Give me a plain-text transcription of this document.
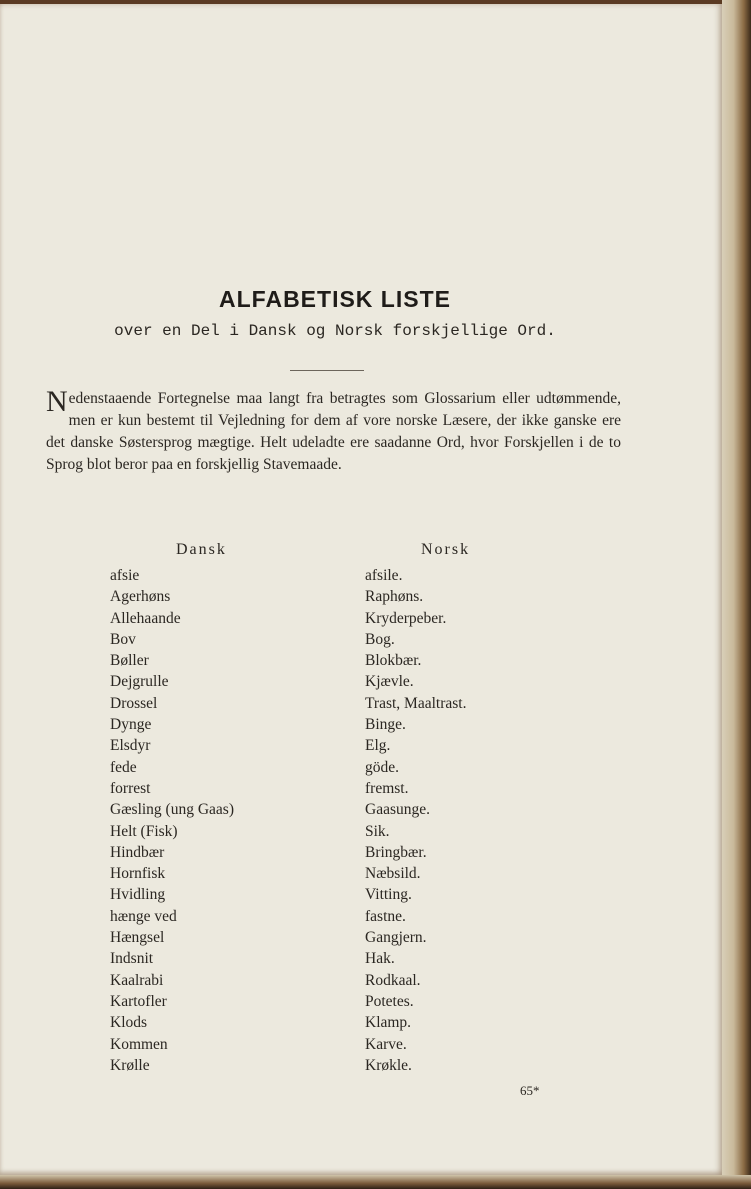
ALFABETISK LISTE
over en Del i Dansk og Norsk forskjellige Ord.
Nedenstaaende Fortegnelse maa langt fra betragtes som Glossarium eller udtømmende, men er kun bestemt til Vejledning for dem af vore norske Læsere, der ikke ganske ere det danske Søstersprog mægtige. Helt udeladte ere saadanne Ord, hvor Forskjellen i de to Sprog blot beror paa en forskjellig Stavemaade.
Dansk	Norsk
afsie
Agerhøns
Allehaande
Bov
Bøller
Dejgrulle
Drossel
Dynge
Elsdyr
fede
forrest
Gæsling (ung Gaas)
Helt (Fisk)
Hindbær
Hornfisk
Hvidling
hænge ved
Hængsel
Indsnit
Kaalrabi
Kartofler
Klods
Kommen
Krølle
afsile.
Raphøns.
Kryderpeber.
Bog.
Blokbær.
Kjævle.
Trast, Maaltrast.
Binge.
Elg.
göde.
fremst.
Gaasunge.
Sik.
Bringbær.
Næbsild.
Vitting.
fastne.
Gangjern.
Hak.
Rodkaal.
Potetes.
Klamp.
Karve.
Krøkle.
65*
